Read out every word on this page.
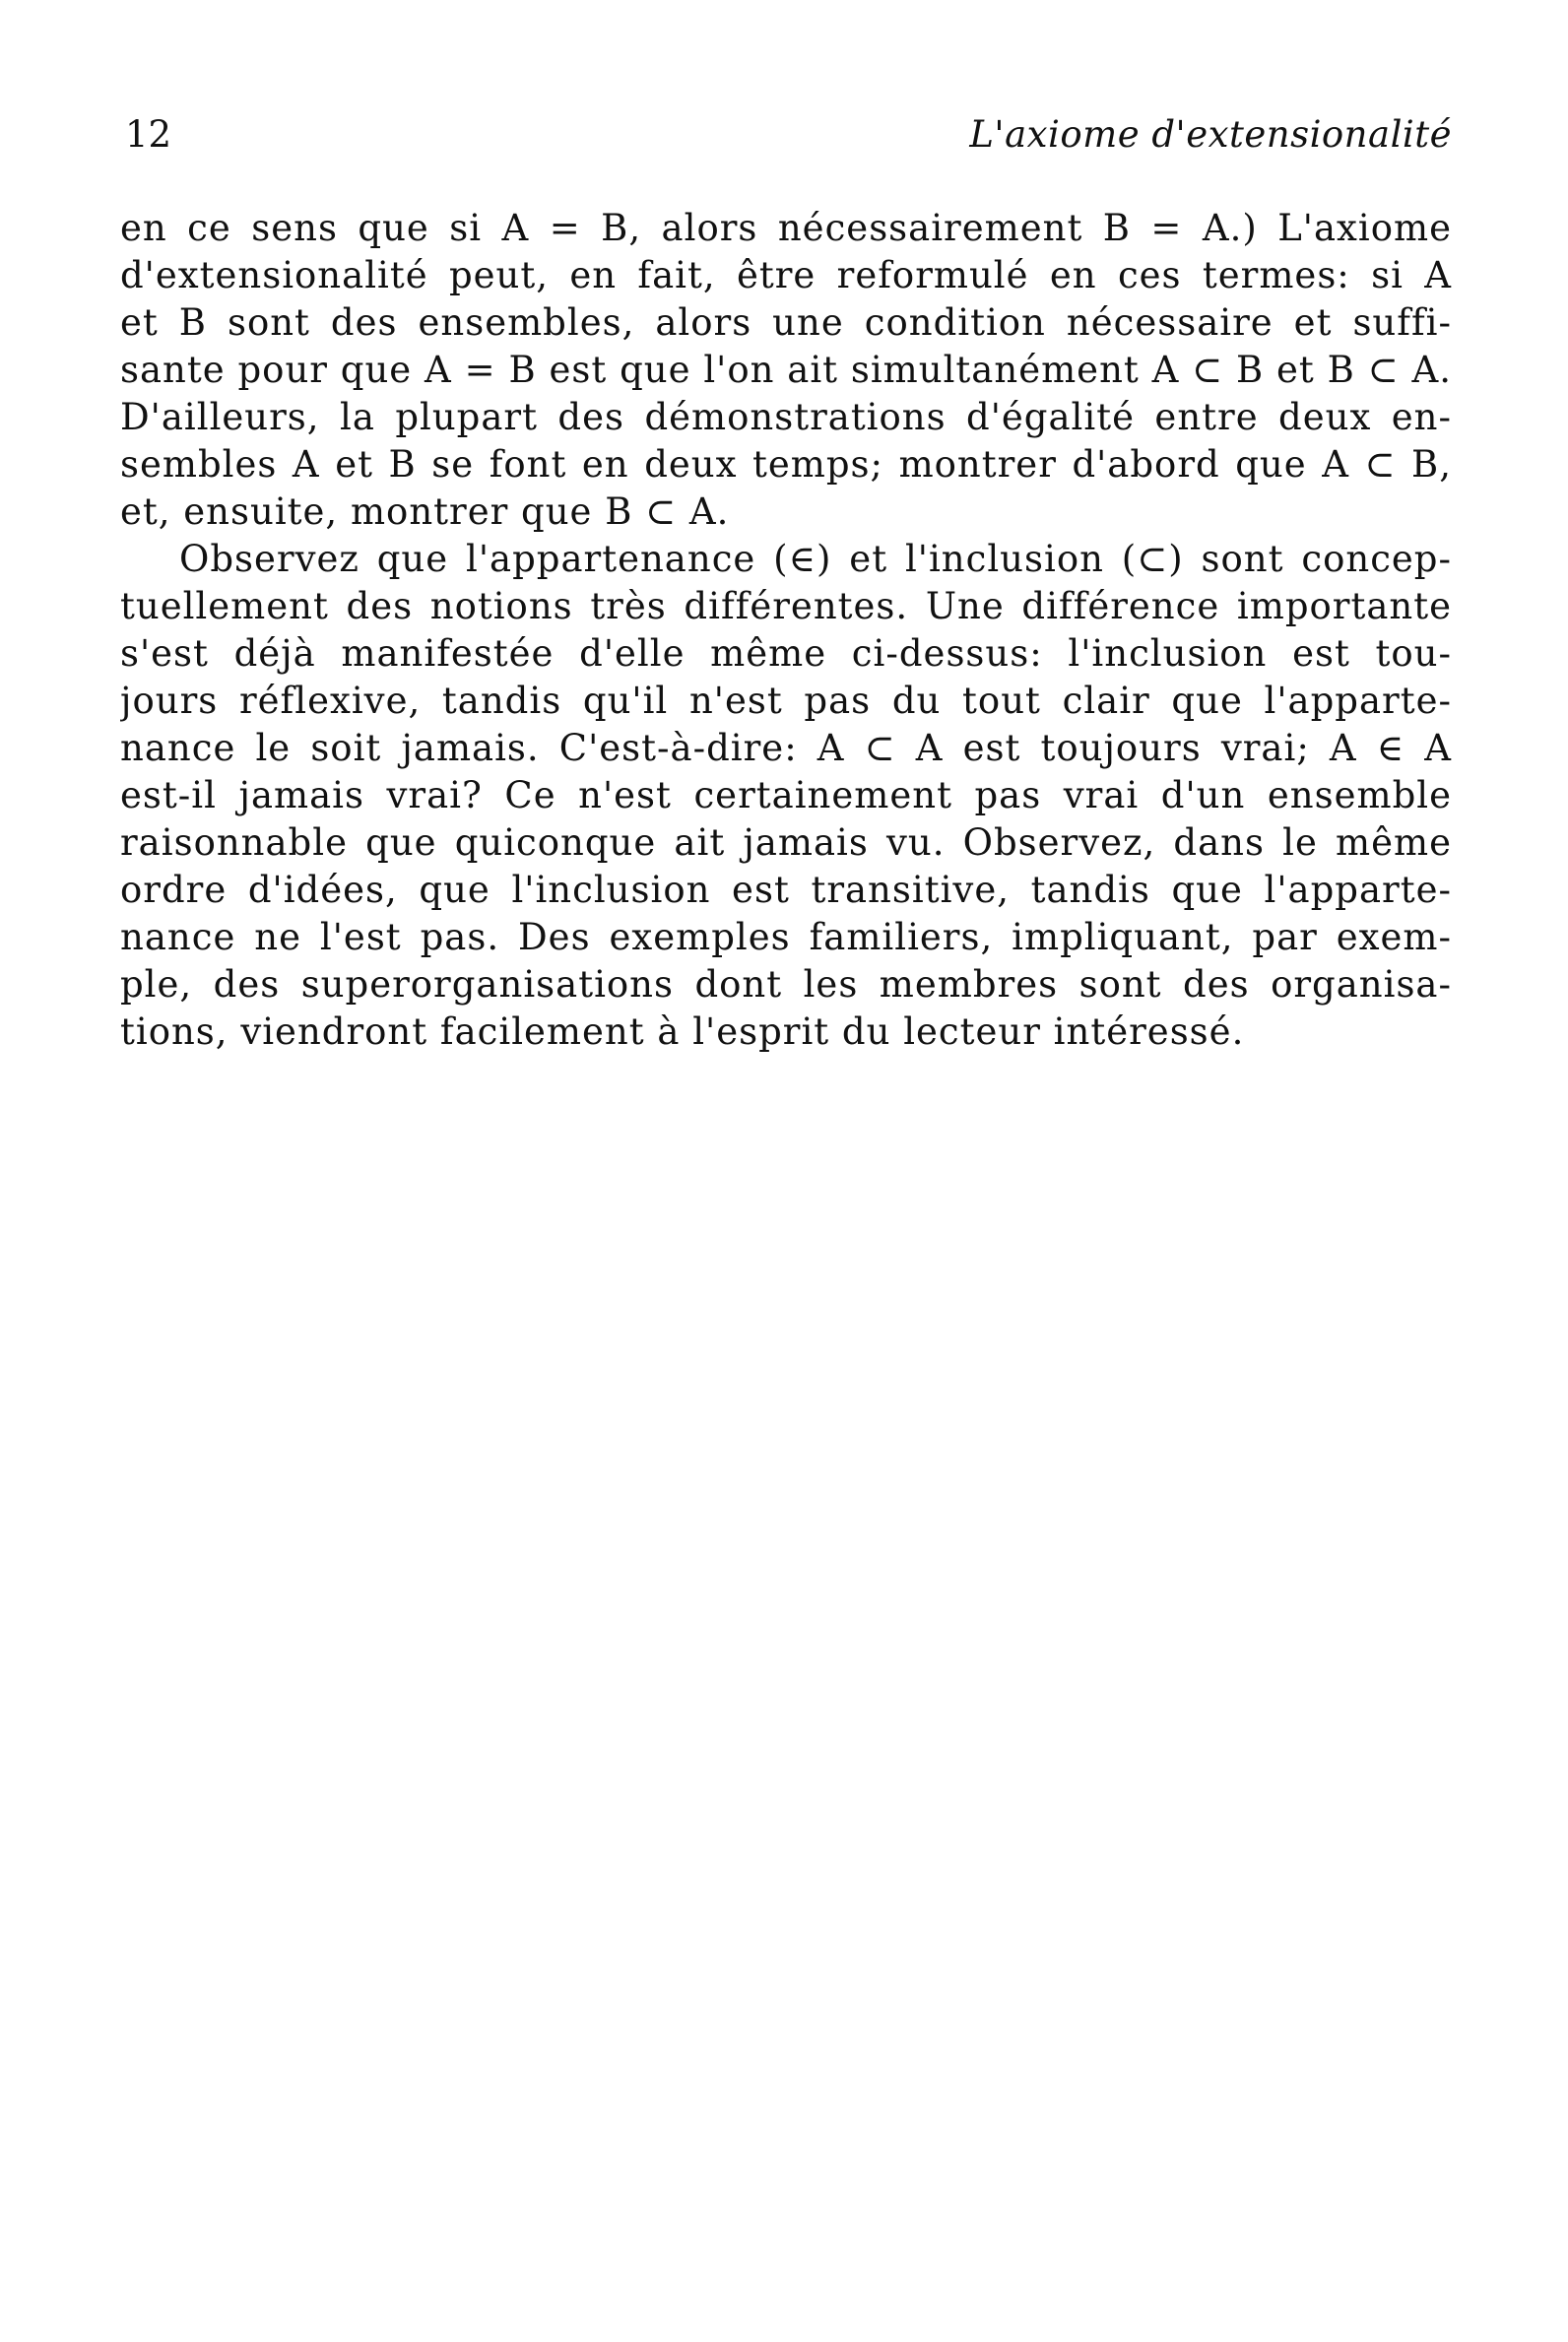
12	L'axiome d'extensionalité
en ce sens que si A = B, alors nécessairement B = A.) L'axiome
d'extensionalité peut, en fait, être reformulé en ces termes: si A
et B sont des ensembles, alors une condition nécessaire et suffi-
sante pour que A = B est que l'on ait simultanément A ⊂ B et B ⊂ A.
D'ailleurs, la plupart des démonstrations d'égalité entre deux en-
sembles A et B se font en deux temps; montrer d'abord que A ⊂ B,
et, ensuite, montrer que B ⊂ A.
Observez que l'appartenance (∈) et l'inclusion (⊂) sont concep-
tuellement des notions très différentes. Une différence importante
s'est déjà manifestée d'elle même ci-dessus: l'inclusion est tou-
jours réflexive, tandis qu'il n'est pas du tout clair que l'apparte-
nance le soit jamais. C'est-à-dire: A ⊂ A est toujours vrai; A ∈ A
est-il jamais vrai? Ce n'est certainement pas vrai d'un ensemble
raisonnable que quiconque ait jamais vu. Observez, dans le même
ordre d'idées, que l'inclusion est transitive, tandis que l'apparte-
nance ne l'est pas. Des exemples familiers, impliquant, par exem-
ple, des superorganisations dont les membres sont des organisa-
tions, viendront facilement à l'esprit du lecteur intéressé.
